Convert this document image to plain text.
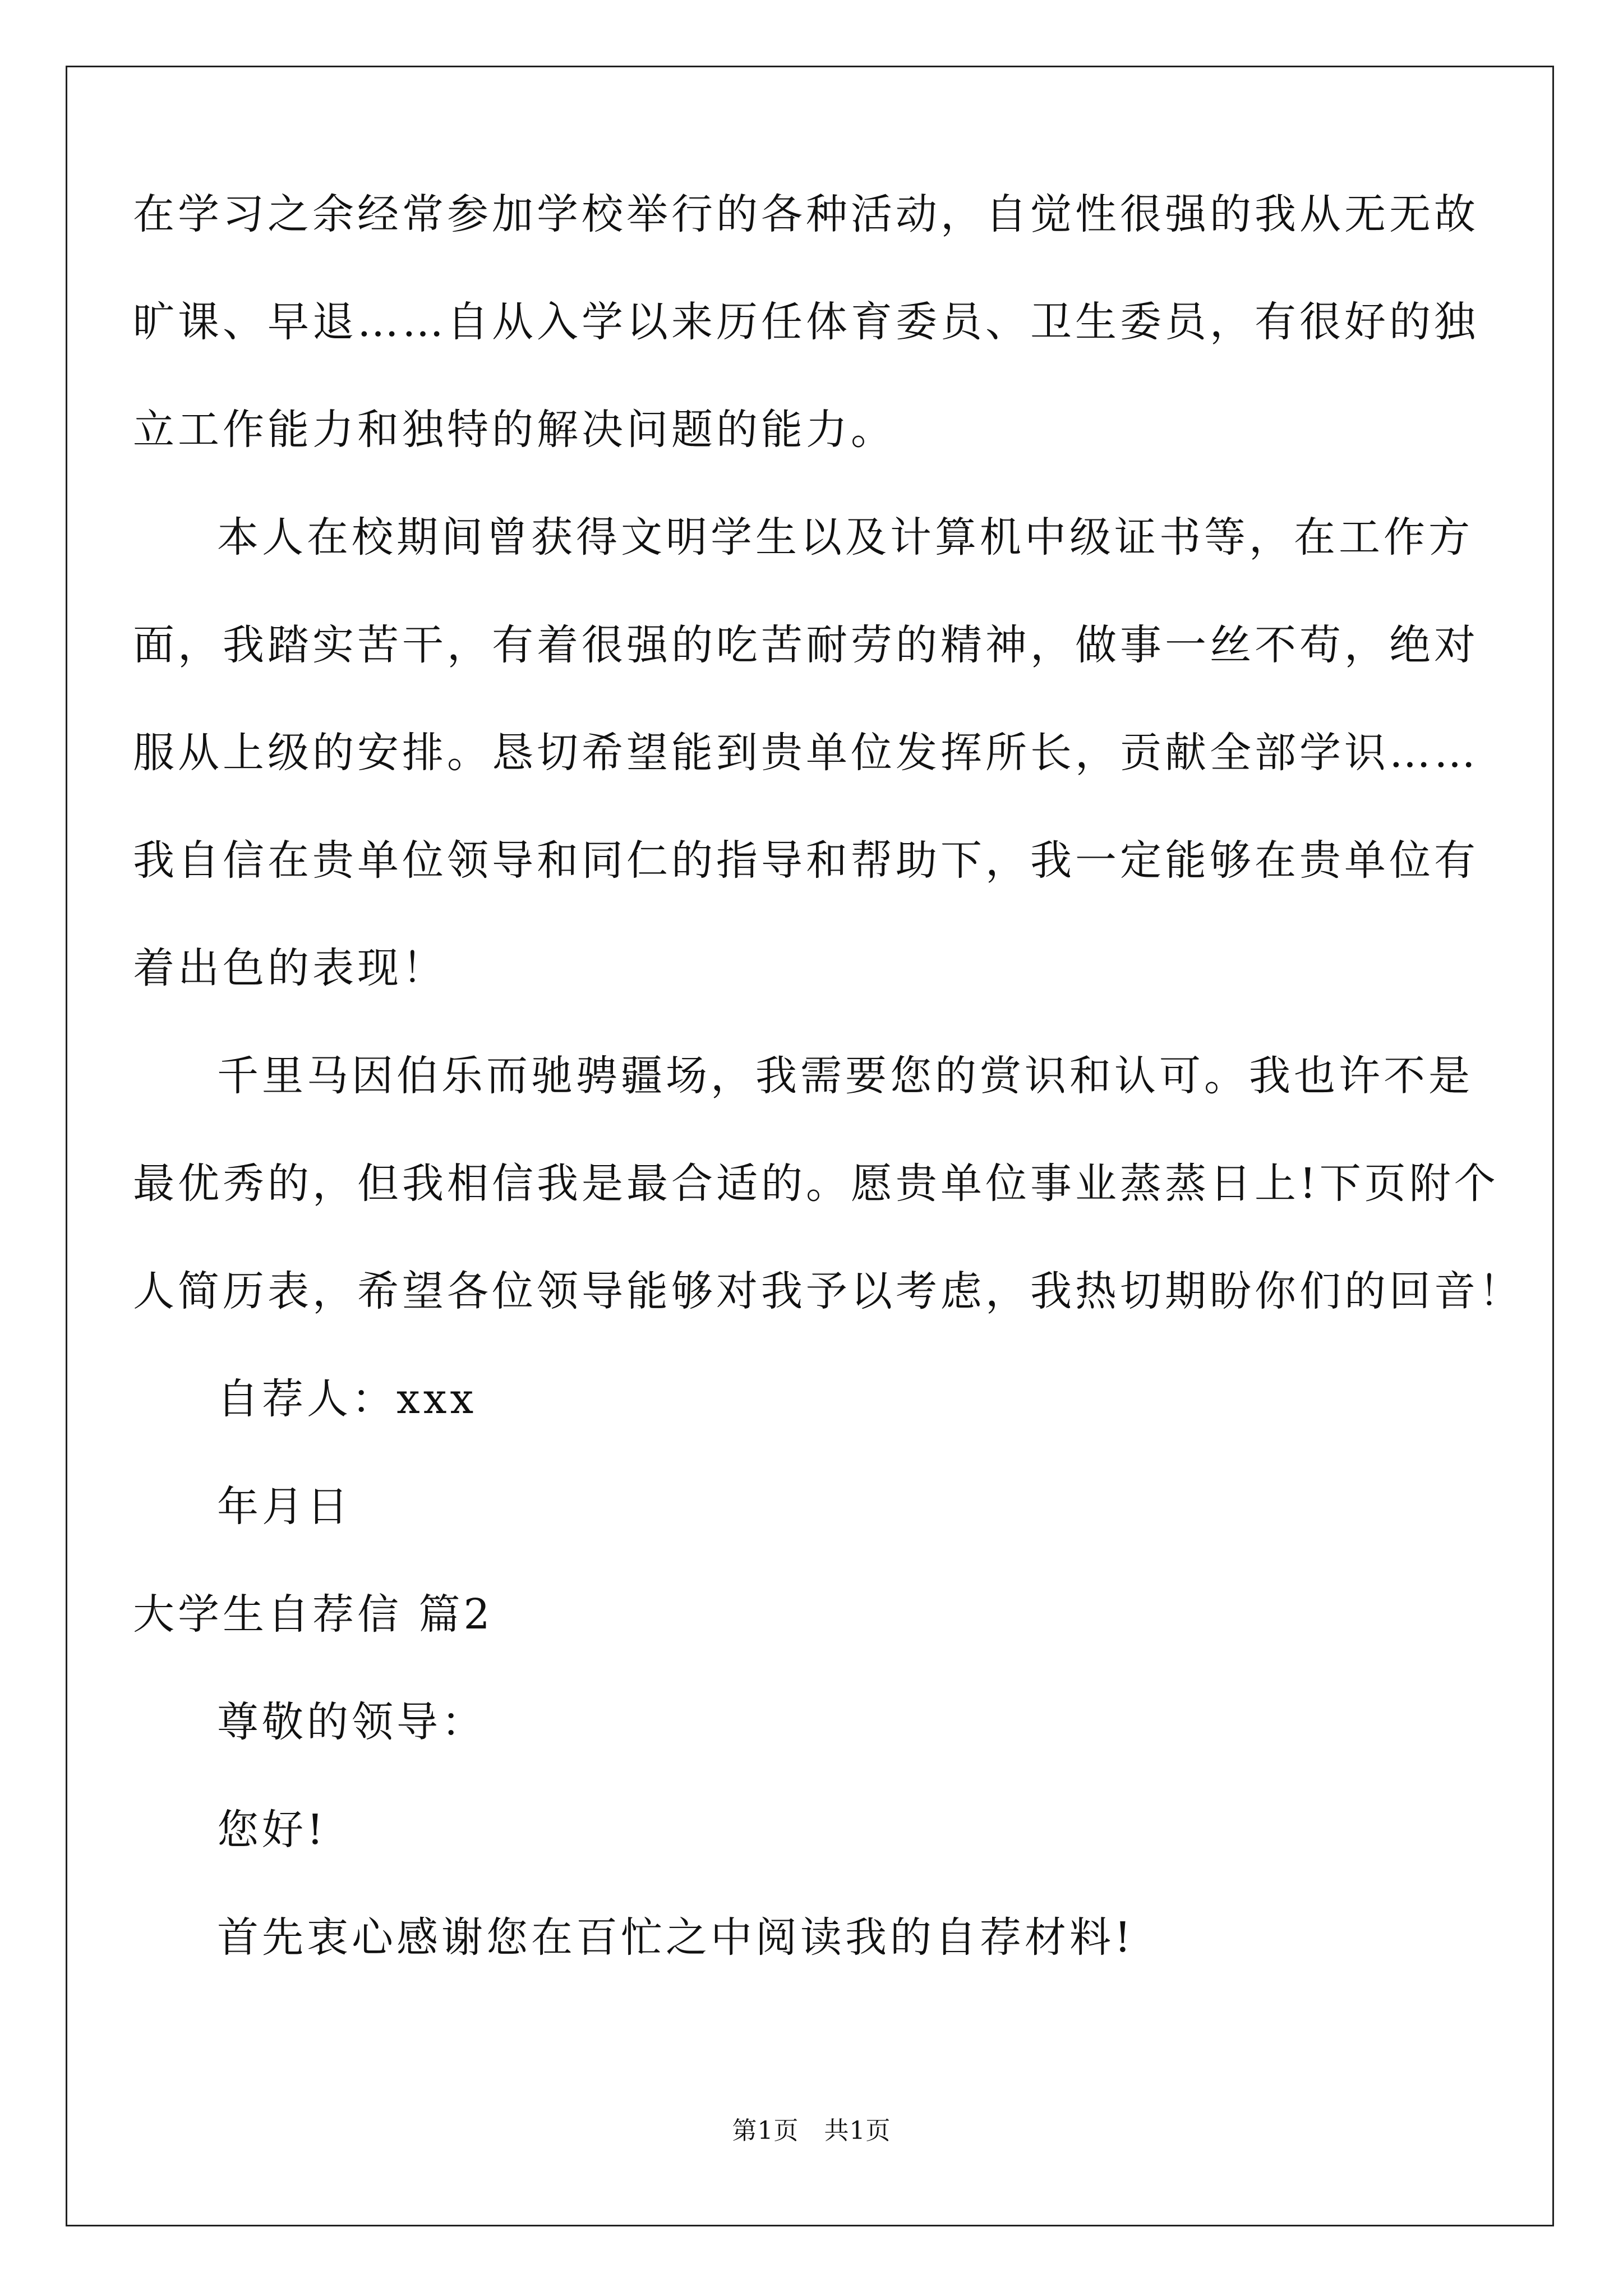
在学习之余经常参加学校举行的各种活动，自觉性很强的我从无无故
旷课、早退……自从入学以来历任体育委员、卫生委员，有很好的独
立工作能力和独特的解决问题的能力。
本人在校期间曾获得文明学生以及计算机中级证书等，在工作方
面，我踏实苦干，有着很强的吃苦耐劳的精神，做事一丝不苟，绝对
服从上级的安排。恳切希望能到贵单位发挥所长，贡献全部学识……
我自信在贵单位领导和同仁的指导和帮助下，我一定能够在贵单位有
着出色的表现！
千里马因伯乐而驰骋疆场，我需要您的赏识和认可。我也许不是
最优秀的，但我相信我是最合适的。愿贵单位事业蒸蒸日上!下页附个
人简历表，希望各位领导能够对我予以考虑，我热切期盼你们的回音！
自荐人：xxx
年月日
大学生自荐信 篇2
尊敬的领导：
您好!
首先衷心感谢您在百忙之中阅读我的自荐材料!
第1页　共1页
